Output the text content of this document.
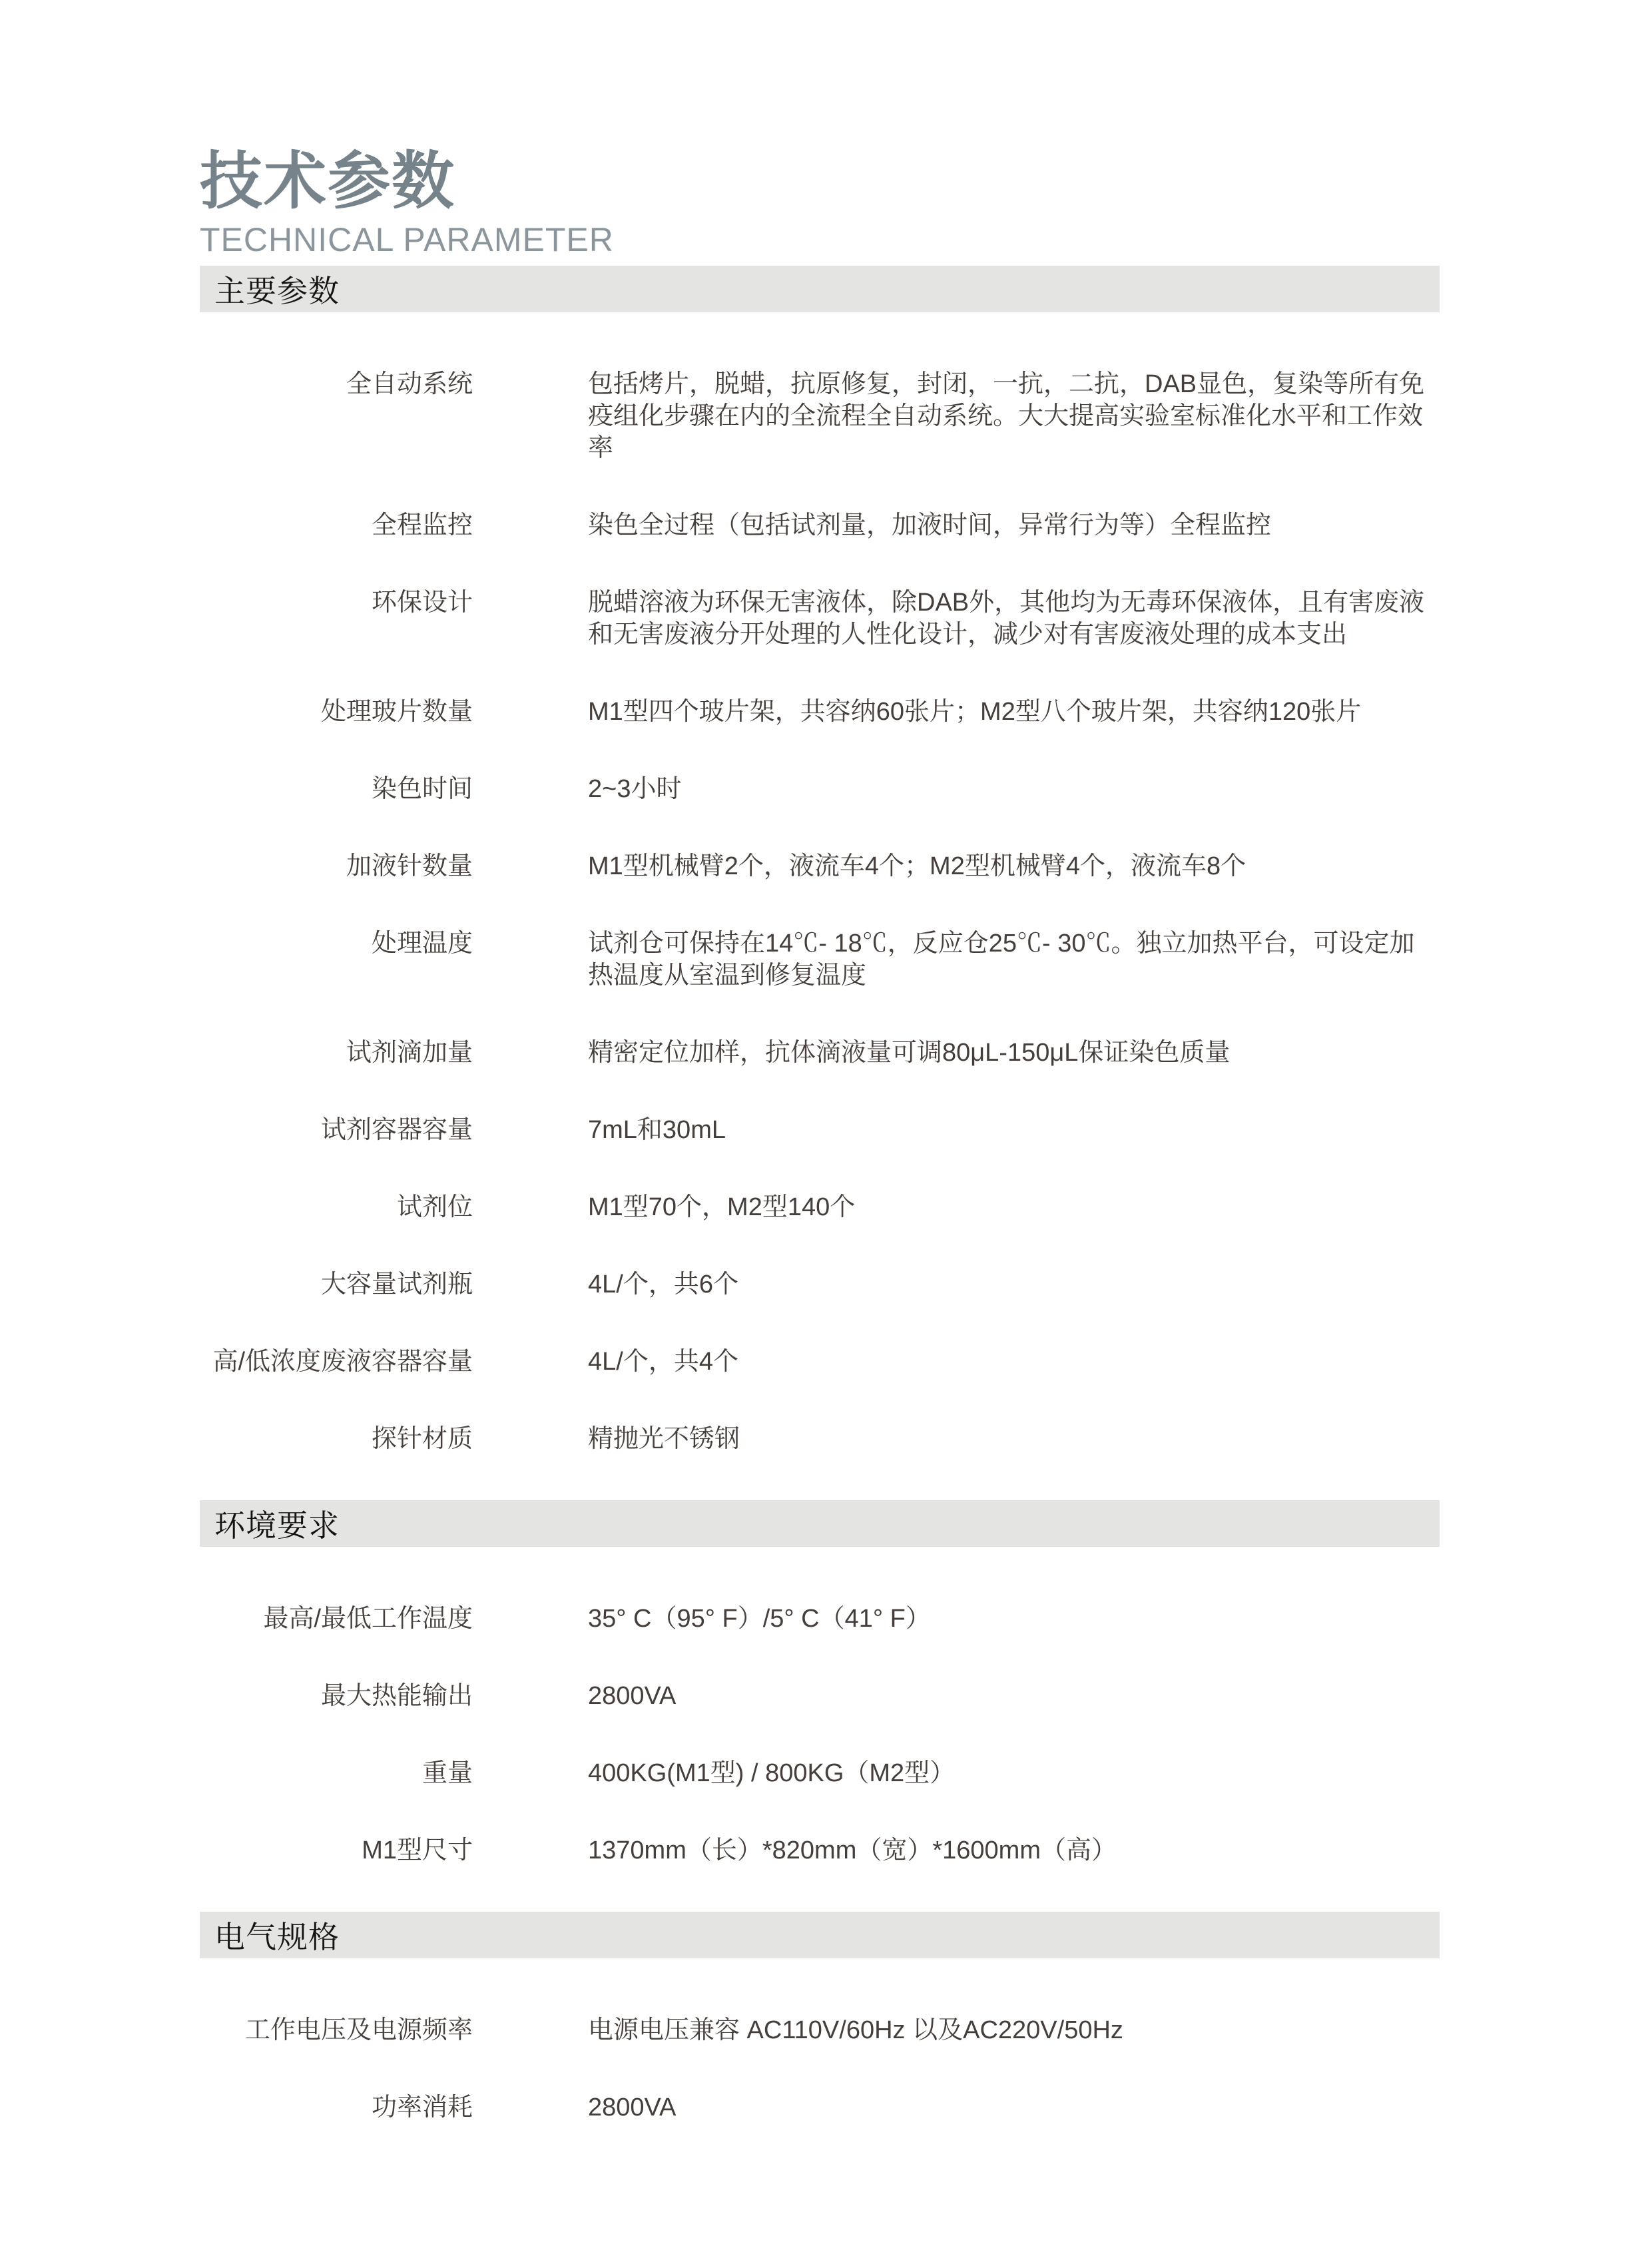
技术参数
TECHNICAL PARAMETER
主要参数
全自动系统	包括烤片，脱蜡，抗原修复，封闭，一抗，二抗，DAB显色，复染等所有免疫组化步骤在内的全流程全自动系统。大大提高实验室标准化水平和工作效率
全程监控	染色全过程（包括试剂量，加液时间，异常行为等）全程监控
环保设计	脱蜡溶液为环保无害液体，除DAB外，其他均为无毒环保液体，且有害废液和无害废液分开处理的人性化设计，减少对有害废液处理的成本支出
处理玻片数量	M1型四个玻片架，共容纳60张片；M2型八个玻片架，共容纳120张片
染色时间	2~3小时
加液针数量	M1型机械臂2个，液流车4个；M2型机械臂4个，液流车8个
处理温度	试剂仓可保持在14℃- 18℃，反应仓25℃- 30℃。独立加热平台，可设定加热温度从室温到修复温度
试剂滴加量	精密定位加样，抗体滴液量可调80μL-150μL保证染色质量
试剂容器容量	7mL和30mL
试剂位	M1型70个，M2型140个
大容量试剂瓶	4L/个，共6个
高/低浓度废液容器容量	4L/个，共4个
探针材质	精抛光不锈钢
环境要求
最高/最低工作温度	35° C（95° F）/5° C（41° F）
最大热能输出	2800VA
重量	400KG(M1型) / 800KG（M2型）
M1型尺寸	1370mm（长）*820mm（宽）*1600mm（高）
电气规格
工作电压及电源频率	电源电压兼容 AC110V/60Hz 以及AC220V/50Hz
功率消耗	2800VA
